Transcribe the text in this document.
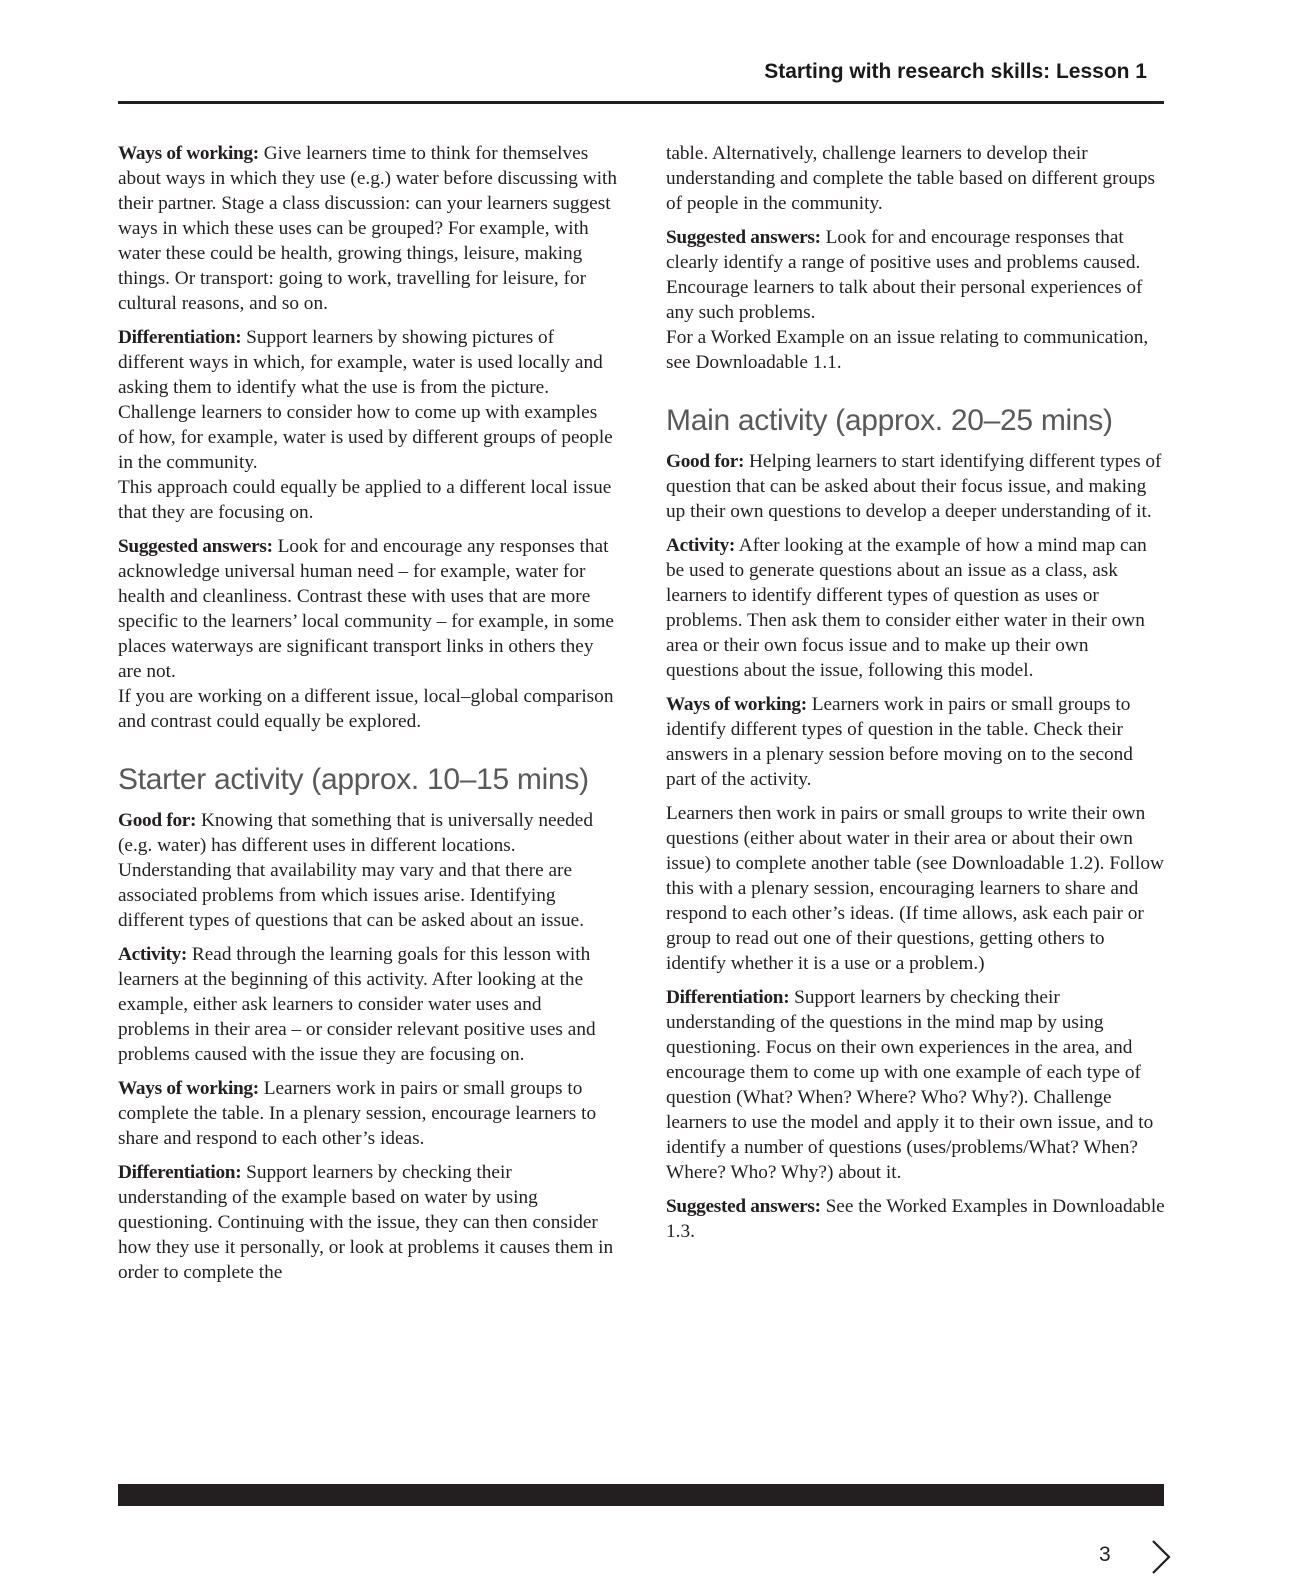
Starting with research skills: Lesson 1

Ways of working: Give learners time to think for themselves about ways in which they use (e.g.) water before discussing with their partner. Stage a class discussion: can your learners suggest ways in which these uses can be grouped? For example, with water these could be health, growing things, leisure, making things. Or transport: going to work, travelling for leisure, for cultural reasons, and so on.

Differentiation: Support learners by showing pictures of different ways in which, for example, water is used locally and asking them to identify what the use is from the picture. Challenge learners to consider how to come up with examples of how, for example, water is used by different groups of people in the community.

This approach could equally be applied to a different local issue that they are focusing on.

Suggested answers: Look for and encourage any responses that acknowledge universal human need – for example, water for health and cleanliness. Contrast these with uses that are more specific to the learners’ local community – for example, in some places waterways are significant transport links in others they are not.

If you are working on a different issue, local–global comparison and contrast could equally be explored.

Starter activity (approx. 10–15 mins)

Good for: Knowing that something that is universally needed (e.g. water) has different uses in different locations. Understanding that availability may vary and that there are associated problems from which issues arise. Identifying different types of questions that can be asked about an issue.

Activity: Read through the learning goals for this lesson with learners at the beginning of this activity. After looking at the example, either ask learners to consider water uses and problems in their area – or consider relevant positive uses and problems caused with the issue they are focusing on.

Ways of working: Learners work in pairs or small groups to complete the table. In a plenary session, encourage learners to share and respond to each other’s ideas.

Differentiation: Support learners by checking their understanding of the example based on water by using questioning. Continuing with the issue, they can then consider how they use it personally, or look at problems it causes them in order to complete the

table. Alternatively, challenge learners to develop their understanding and complete the table based on different groups of people in the community.

Suggested answers: Look for and encourage responses that clearly identify a range of positive uses and problems caused. Encourage learners to talk about their personal experiences of any such problems.

For a Worked Example on an issue relating to communication, see Downloadable 1.1.

Main activity (approx. 20–25 mins)

Good for: Helping learners to start identifying different types of question that can be asked about their focus issue, and making up their own questions to develop a deeper understanding of it.

Activity: After looking at the example of how a mind map can be used to generate questions about an issue as a class, ask learners to identify different types of question as uses or problems. Then ask them to consider either water in their own area or their own focus issue and to make up their own questions about the issue, following this model.

Ways of working: Learners work in pairs or small groups to identify different types of question in the table. Check their answers in a plenary session before moving on to the second part of the activity.

Learners then work in pairs or small groups to write their own questions (either about water in their area or about their own issue) to complete another table (see Downloadable 1.2). Follow this with a plenary session, encouraging learners to share and respond to each other’s ideas. (If time allows, ask each pair or group to read out one of their questions, getting others to identify whether it is a use or a problem.)

Differentiation: Support learners by checking their understanding of the questions in the mind map by using questioning. Focus on their own experiences in the area, and encourage them to come up with one example of each type of question (What? When? Where? Who? Why?). Challenge learners to use the model and apply it to their own issue, and to identify a number of questions (uses/problems/What? When? Where? Who? Why?) about it.

Suggested answers: See the Worked Examples in Downloadable 1.3.

3
